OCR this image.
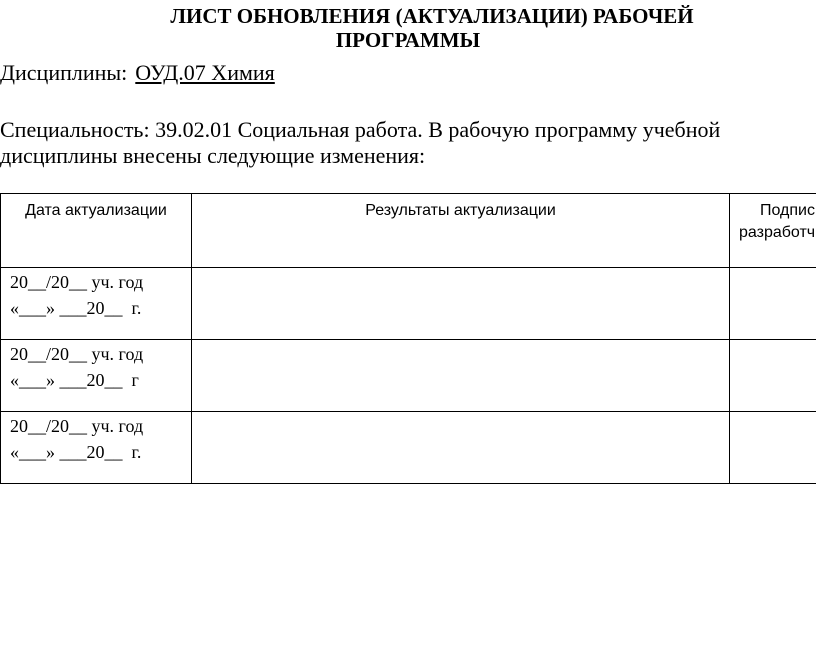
ЛИСТ ОБНОВЛЕНИЯ (АКТУАЛИЗАЦИИ) РАБОЧЕЙ
ПРОГРАММЫ
Дисциплины: ОУД.07 Химия
Специальность: 39.02.01 Социальная работа. В рабочую программу учебной
дисциплины внесены следующие изменения:
Дата актуализации	Результаты актуализации	Подпис
разработч

20__/20__ уч. год
«___» ___20__  г.		

20__/20__ уч. год
«___» ___20__  г		

20__/20__ уч. год
«___» ___20__  г.		
